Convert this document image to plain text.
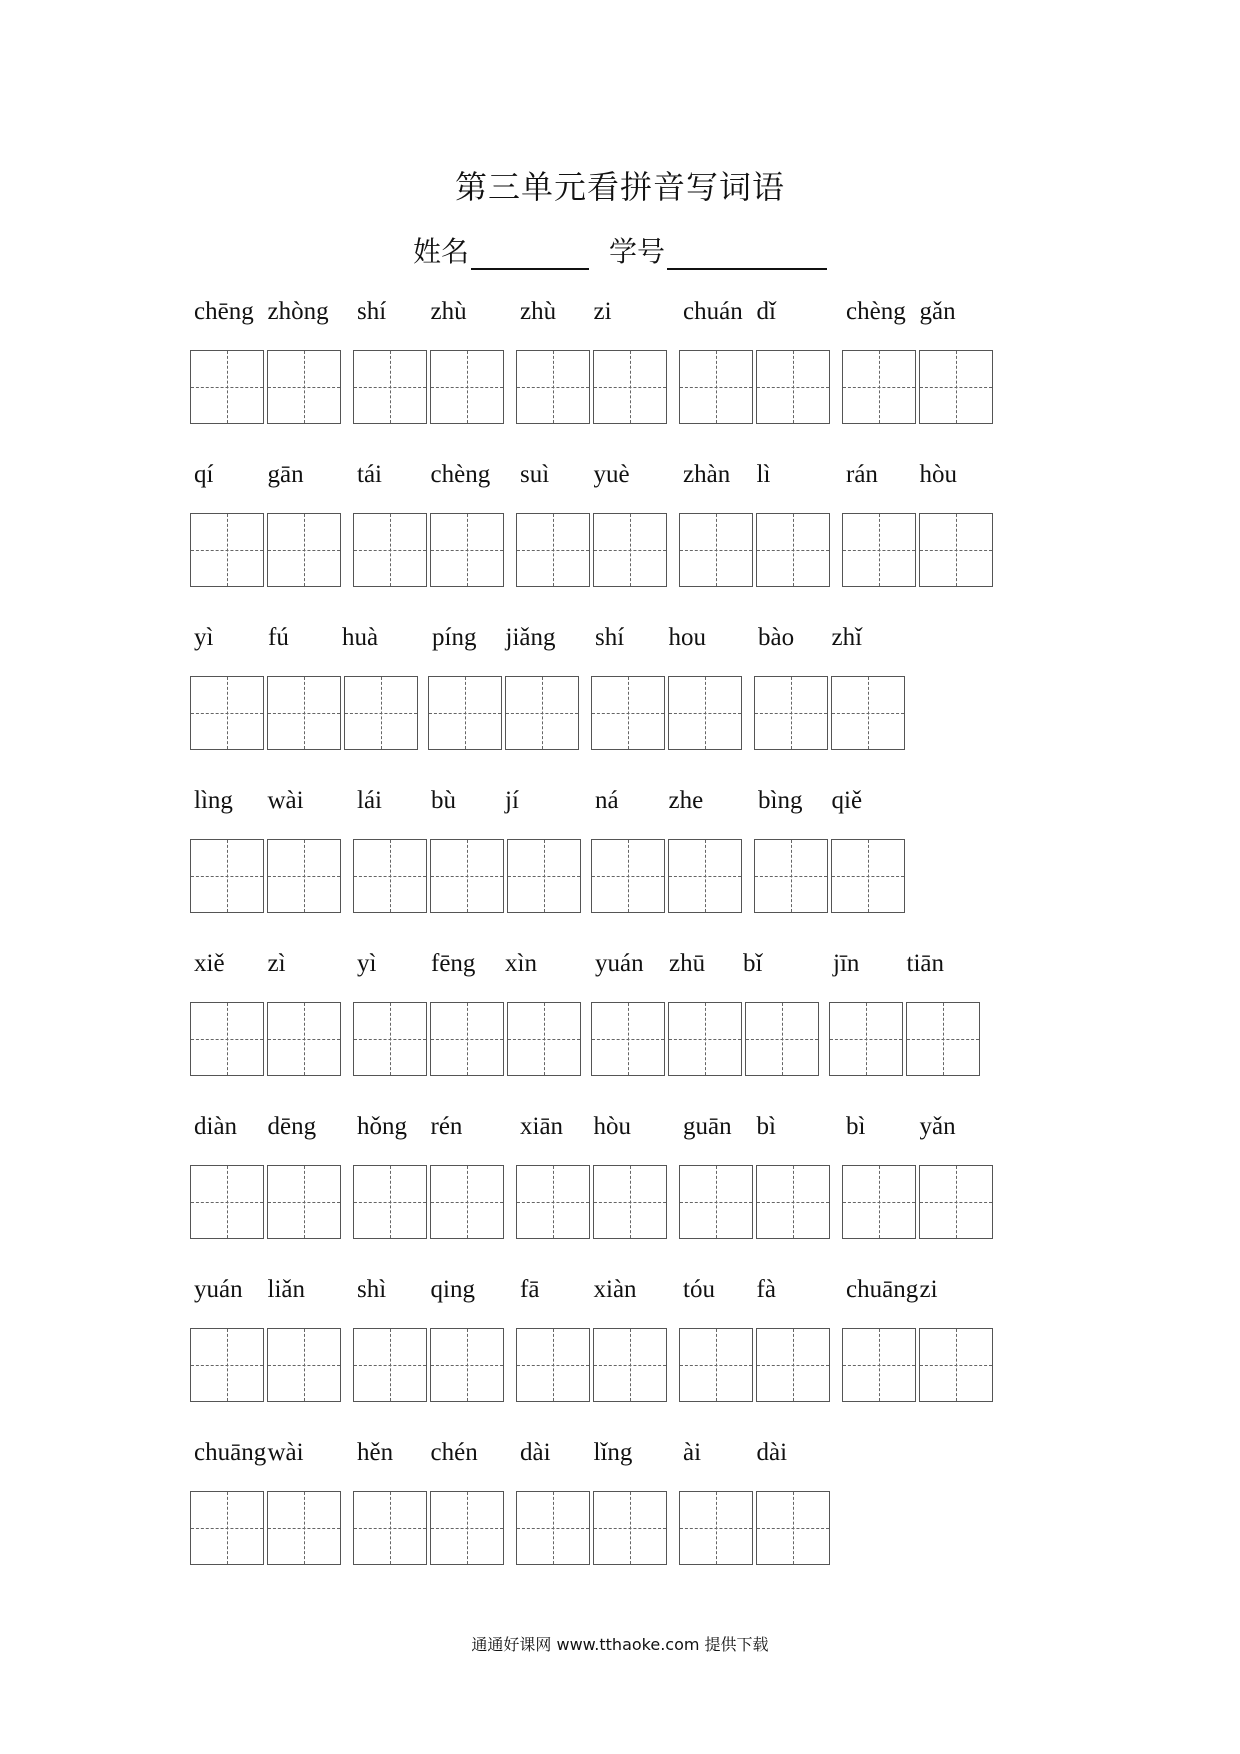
第三单元看拼音写词语
姓名	学号
chēng zhòng shí zhù zhù zi	chuán dǐ	chèng gǎn
qí gān tái chèng suì yuè zhàn lì	rán hòu
yì fú huà píng jiǎng shí hou bào zhǐ
lìng wài lái bù jí	ná zhe bìng qiě
xiě zì	yì fēng xìn yuán zhū bǐ	jīn tiān
diàn dēng hǒng rén xiān hòu guān bì	bì yǎn
yuán liǎn shì qing fā xiàn tóu fà	chuāng zi
chuāng wài hěn chén dài lǐng ài dài
通通好课网 www.tthaoke.com 提供下载
